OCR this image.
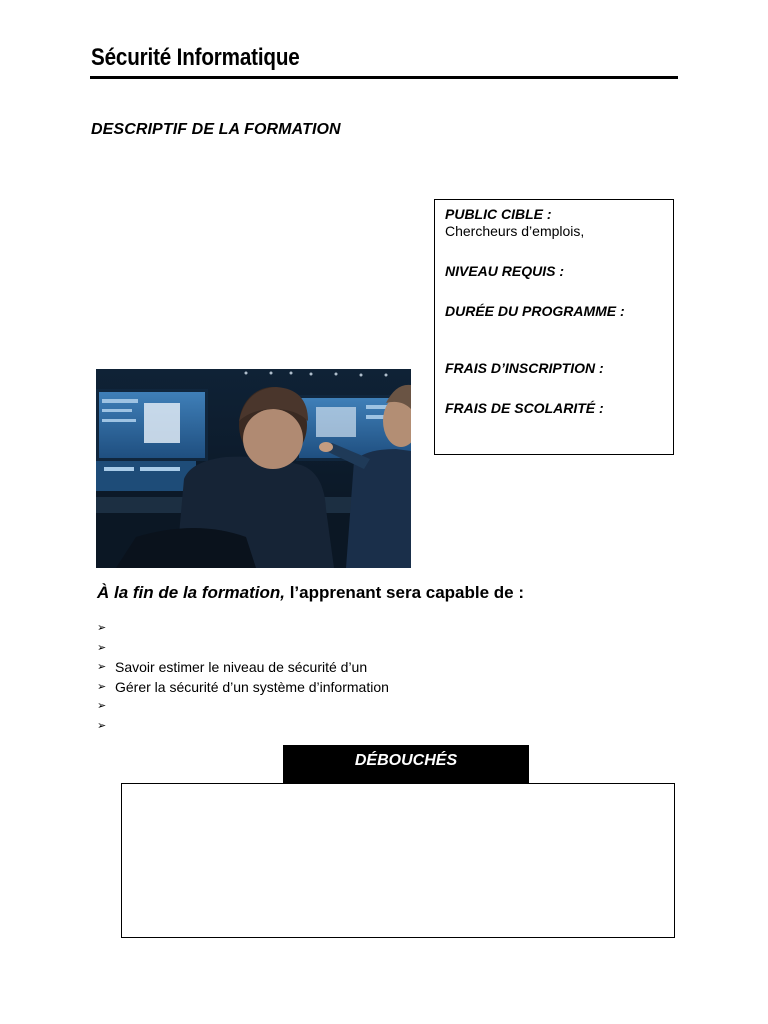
Sécurité Informatique
DESCRIPTIF DE LA FORMATION
PUBLIC CIBLE :
Chercheurs d’emplois,
NIVEAU REQUIS :
DURÉE DU PROGRAMME :
FRAIS D’INSCRIPTION :
FRAIS DE SCOLARITÉ :
À la fin de la formation, l’apprenant sera capable de :
➢
➢
➢ Savoir estimer le niveau de sécurité d’un
➢ Gérer la sécurité d’un système d’information
➢
➢
DÉBOUCHÉS
